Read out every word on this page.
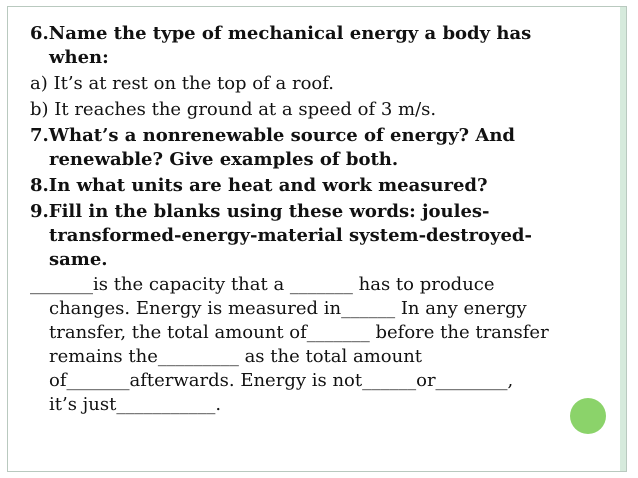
6.Name the type of mechanical energy a body has
when:
a) It’s at rest on the top of a roof.
b) It reaches the ground at a speed of 3 m/s.
7.What’s a nonrenewable source of energy? And
renewable? Give examples of both.
8.In what units are heat and work measured?
9.Fill in the blanks using these words: joules-
transformed-energy-material system-destroyed-
same.
_______is the capacity that a _______ has to produce
changes. Energy is measured in______ In any energy
transfer, the total amount of_______ before the transfer
remains the_________ as the total amount
of_______afterwards. Energy is not______or________,
it’s just___________.
